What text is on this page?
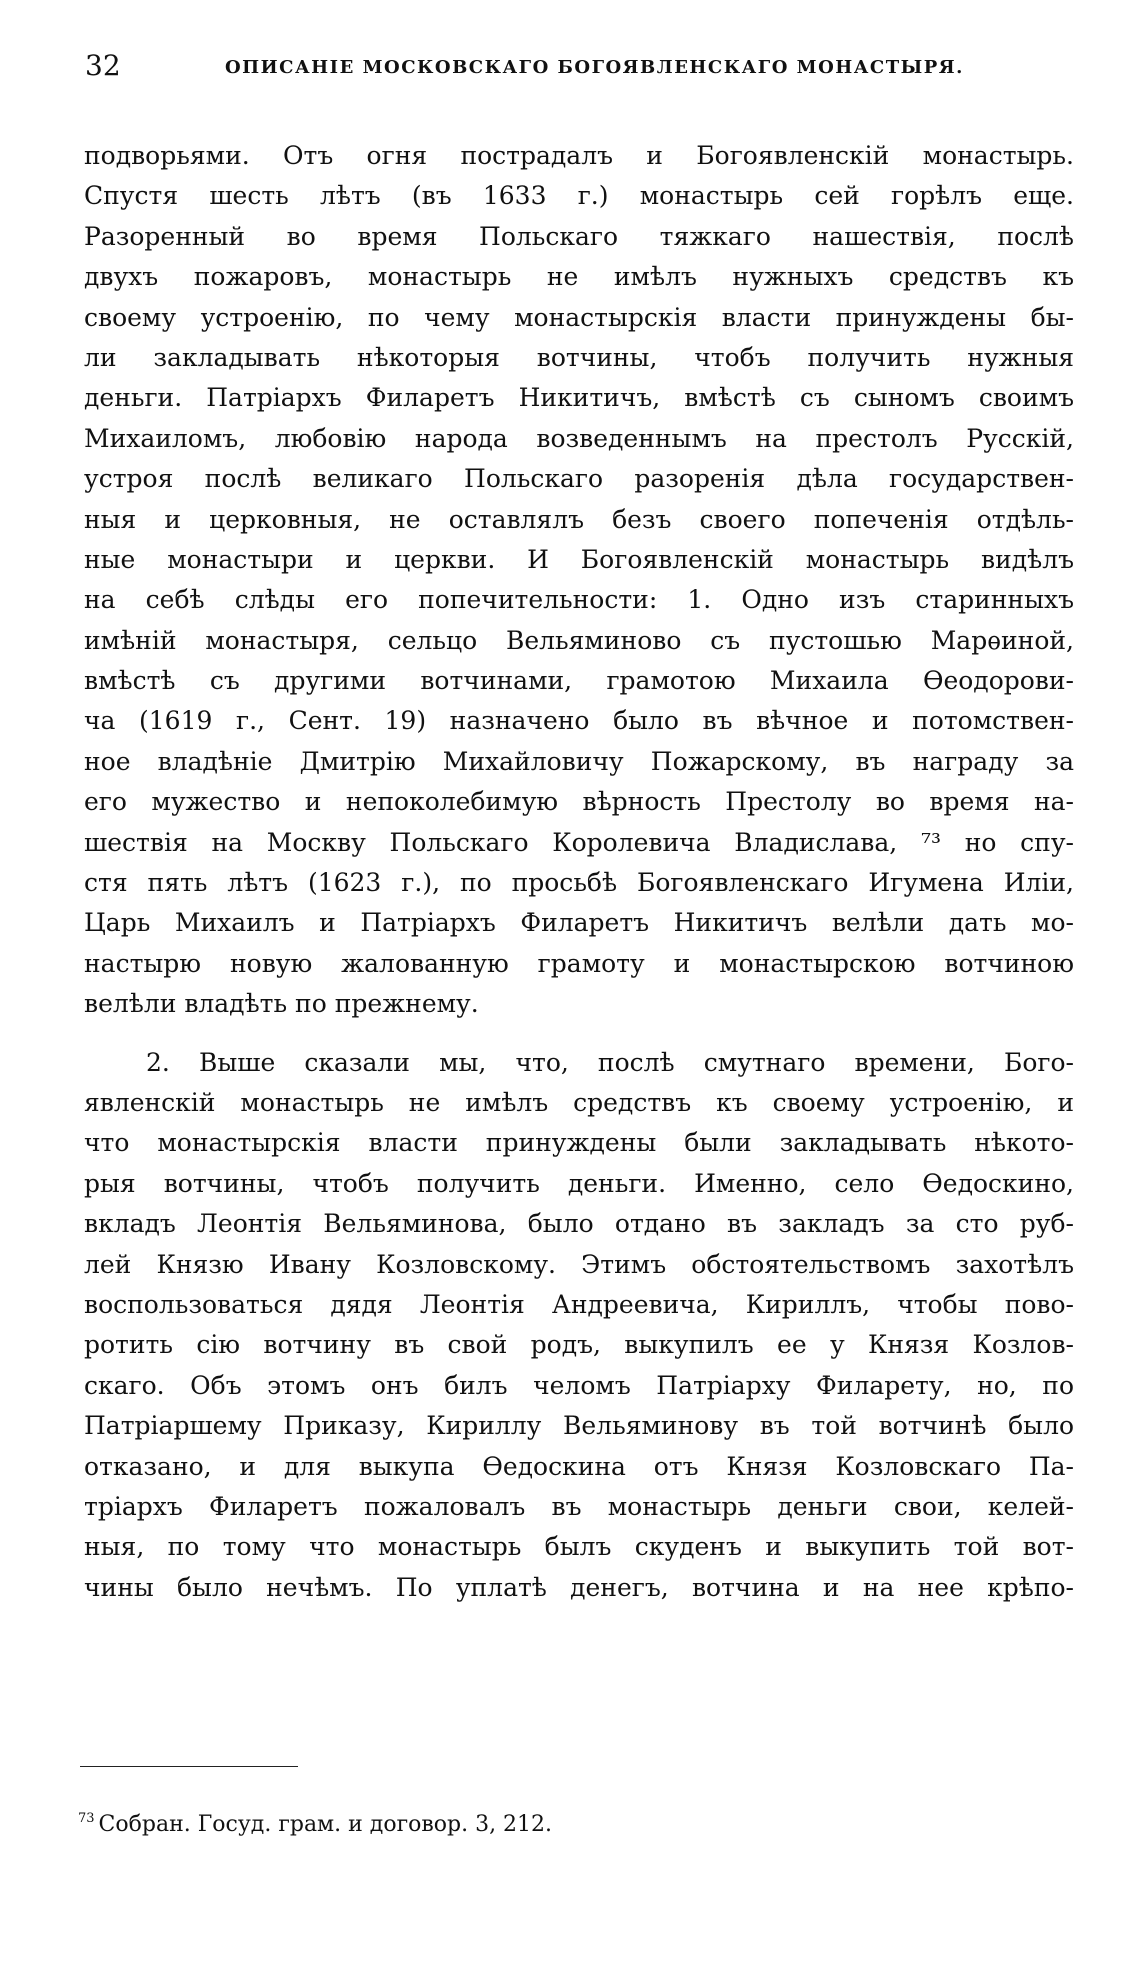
32	ОПИСАНІЕ МОСКОВСКАГО БОГОЯВЛЕНСКАГО МОНАСТЫРЯ.
подворьями. Отъ огня пострадалъ и Богоявленскій монастырь.
Спустя шесть лѣтъ (въ 1633 г.) монастырь сей горѣлъ еще.
Разоренный во время Польскаго тяжкаго нашествія, послѣ
двухъ пожаровъ, монастырь не имѣлъ нужныхъ средствъ къ
своему устроенію, по чему монастырскія власти принуждены бы-
ли закладывать нѣкоторыя вотчины, чтобъ получить нужныя
деньги. Патріархъ Филаретъ Никитичъ, вмѣстѣ съ сыномъ своимъ
Михаиломъ, любовію народа возведеннымъ на престолъ Русскій,
устроя послѣ великаго Польскаго разоренія дѣла государствен-
ныя и церковныя, не оставлялъ безъ своего попеченія отдѣль-
ные монастыри и церкви. И Богоявленскій монастырь видѣлъ
на себѣ слѣды его попечительности: 1. Одно изъ старинныхъ
имѣній монастыря, сельцо Вельяминово съ пустошью Марѳиной,
вмѣстѣ съ другими вотчинами, грамотою Михаила Ѳеодорови-
ча (1619 г., Сент. 19) назначено было въ вѣчное и потомствен-
ное владѣніе Дмитрію Михайловичу Пожарскому, въ награду за
его мужество и непоколебимую вѣрность Престолу во время на-
шествія на Москву Польскаго Королевича Владислава, ⁷³ но спу-
стя пять лѣтъ (1623 г.), по просьбѣ Богоявленскаго Игумена Иліи,
Царь Михаилъ и Патріархъ Филаретъ Никитичъ велѣли дать мо-
настырю новую жалованную грамоту и монастырскою вотчиною
велѣли владѣть по прежнему.
2. Выше сказали мы, что, послѣ смутнаго времени, Бого-
явленскій монастырь не имѣлъ средствъ къ своему устроенію, и
что монастырскія власти принуждены были закладывать нѣкото-
рыя вотчины, чтобъ получить деньги. Именно, село Ѳедоскино,
вкладъ Леонтія Вельяминова, было отдано въ закладъ за сто руб-
лей Князю Ивану Козловскому. Этимъ обстоятельствомъ захотѣлъ
воспользоваться дядя Леонтія Андреевича, Кириллъ, чтобы пово-
ротить сію вотчину въ свой родъ, выкупилъ ее у Князя Козлов-
скаго. Объ этомъ онъ билъ челомъ Патріарху Филарету, но, по
Патріаршему Приказу, Кириллу Вельяминову въ той вотчинѣ было
отказано, и для выкупа Ѳедоскина отъ Князя Козловскаго Па-
тріархъ Филаретъ пожаловалъ въ монастырь деньги свои, келей-
ныя, по тому что монастырь былъ скуденъ и выкупить той вот-
чины было нечѣмъ. По уплатѣ денегъ, вотчина и на нее крѣпо-
$^{73}$ Собран. Госуд. грам. и договор. 3, 212.
